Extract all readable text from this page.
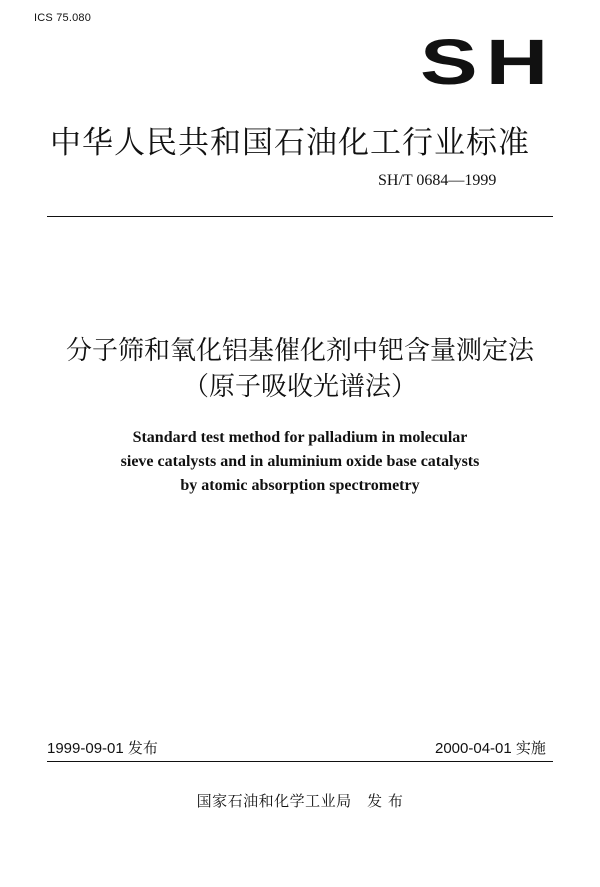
ICS 75.080
SH
中华人民共和国石油化工行业标准
SH/T 0684—1999
分子筛和氧化铝基催化剂中钯含量测定法
（原子吸收光谱法）
Standard test method for palladium in molecular
sieve catalysts and in aluminium oxide base catalysts
by atomic absorption spectrometry
1999-09-01 发布	2000-04-01 实施
国家石油和化学工业局　发 布
